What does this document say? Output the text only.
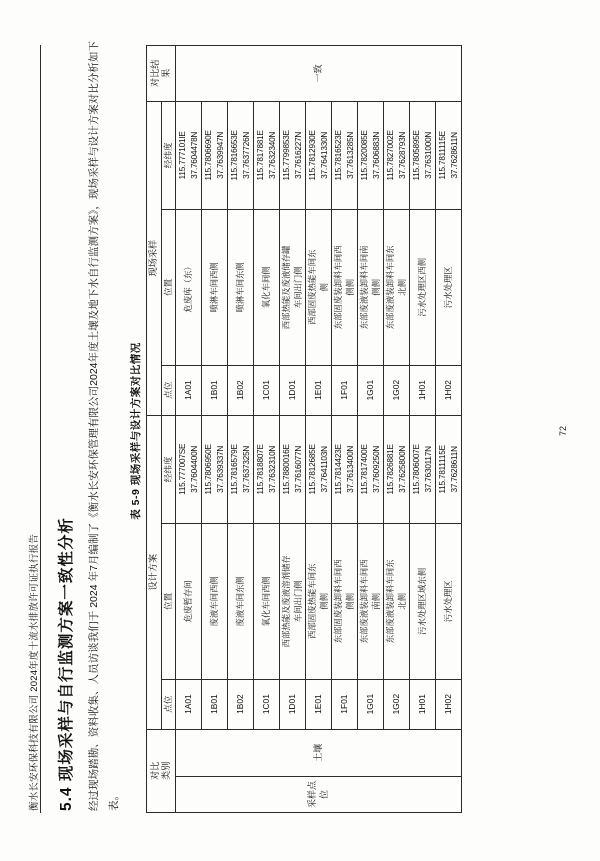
衡水长安环保科技有限公司 2024年度十流水排放许可证执行报告 5.4 现场采样与自行监测方案一致性分析	经过现场踏勘、资料收集、人员访谈我们于 2024 年7月编制了《衡水长安环保管理有限公司2024年度土壤及地下水自行监测方案》，现场采样与设计方案对比分析如下表。
表 5-9 现场采样与设计方案对比情况
对比 类别		设计方案			现场采样			对比结 果
		点位	位置	经纬度	点位	位置	经纬度	
采样点位	土壤	1A01	危废暂存间	115.777007SE 37.7604400N	1A01	危废库（东）	115.777101IE 37.7604478N	一致
		1B01	废液车间西侧	115.7806950E 37.7639337N	1B01	喷淋车间西侧	115.7806690E 37.7639947N	
		1B02	废液车间东侧	115.7816579E 37.7637325N	1B02	喷淋车间东侧	115.7816653E 37.7637726N	
		1C01	氧化车间西侧	115.7818807E 37.7632310N	1C01	氧化车间侧	115.7817881E 37.7632340N	
		1D01	西部热能及废液溶剂储存 车间出门侧	115.7880016E 37.7616077N	1D01	西部热能及废液储存罐 车间出门侧	115.7799853E 37.7616227N	
		1E01	西部固废热能车间东 侧侧	115.7812685E 37.7641103N	1E01	西部固废热能车间东 侧	115.7812930E 37.7641330N	
		1F01	东部固废装卸料车间西 侧侧	115.7814423E 37.7613400N	1F01	东部固废装卸料车间西 侧侧	115.7816523E 37.7613285N	
		1G01	东部废液装卸料车间西 南侧	115.7817400E 37.7609250N	1G01	东部废液装卸料车间南 侧侧	115.7820085E 37.7606883N	
		1G02	东部废液装卸料车间东 北侧	115.7826881E 37.7625800N	1G02	东部废液装卸料车间东 北侧	115.7827002E 37.7628793N	
		1H01	污水处理区域东侧	115.7806007E 37.7630117N	1H01	污水处理区西侧	115.7805895E 37.7631000N	
		1H02	污水处理区	115.7811115E 37.7628611N	1H02	污水处理区	115.7811115E 37.7628611N	
72
